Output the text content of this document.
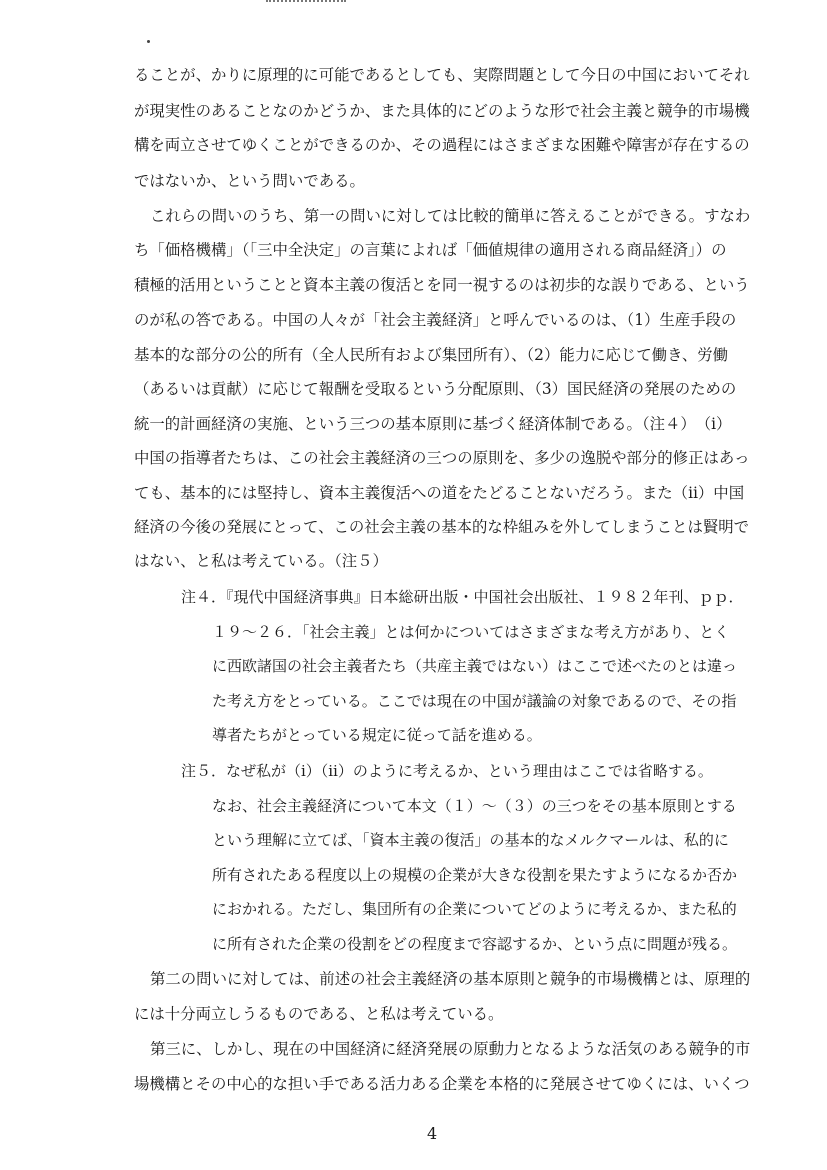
ることが、かりに原理的に可能であるとしても、実際問題として今日の中国においてそれ
が現実性のあることなのかどうか、また具体的にどのような形で社会主義と競争的市場機
構を両立させてゆくことができるのか、その過程にはさまざまな困難や障害が存在するの
ではないか、という問いである。
これらの問いのうち、第一の問いに対しては比較的簡単に答えることができる。すなわ
ち「価格機構」（「三中全決定」の言葉によれば「価値規律の適用される商品経済」）の
積極的活用ということと資本主義の復活とを同一視するのは初歩的な誤りである、という
のが私の答である。中国の人々が「社会主義経済」と呼んでいるのは、（1）生産手段の
基本的な部分の公的所有（全人民所有および集団所有）、（2）能力に応じて働き、労働
（あるいは貢献）に応じて報酬を受取るという分配原則、（3）国民経済の発展のための
統一的計画経済の実施、という三つの基本原則に基づく経済体制である。（注４）　（ⅰ）
中国の指導者たちは、この社会主義経済の三つの原則を、多少の逸脱や部分的修正はあっ
ても、基本的には堅持し、資本主義復活への道をたどることないだろう。また（ⅱ）中国
経済の今後の発展にとって、この社会主義の基本的な枠組みを外してしまうことは賢明で
はない、と私は考えている。（注５）
注４．『現代中国経済事典』日本総研出版・中国社会出版社、１９８２年刊、ｐｐ．
１９～２６．「社会主義」とは何かについてはさまざまな考え方があり、とく
に西欧諸国の社会主義者たち（共産主義ではない）はここで述べたのとは違っ
た考え方をとっている。ここでは現在の中国が議論の対象であるので、その指
導者たちがとっている規定に従って話を進める。
注５．なぜ私が（ⅰ）（ⅱ）のように考えるか、という理由はここでは省略する。
なお、社会主義経済について本文（１）～（３）の三つをその基本原則とする
という理解に立てば、「資本主義の復活」の基本的なメルクマールは、私的に
所有されたある程度以上の規模の企業が大きな役割を果たすようになるか否か
におかれる。ただし、集団所有の企業についてどのように考えるか、また私的
に所有された企業の役割をどの程度まで容認するか、という点に問題が残る。
第二の問いに対しては、前述の社会主義経済の基本原則と競争的市場機構とは、原理的
には十分両立しうるものである、と私は考えている。
第三に、しかし、現在の中国経済に経済発展の原動力となるような活気のある競争的市
場機構とその中心的な担い手である活力ある企業を本格的に発展させてゆくには、いくつ
4
